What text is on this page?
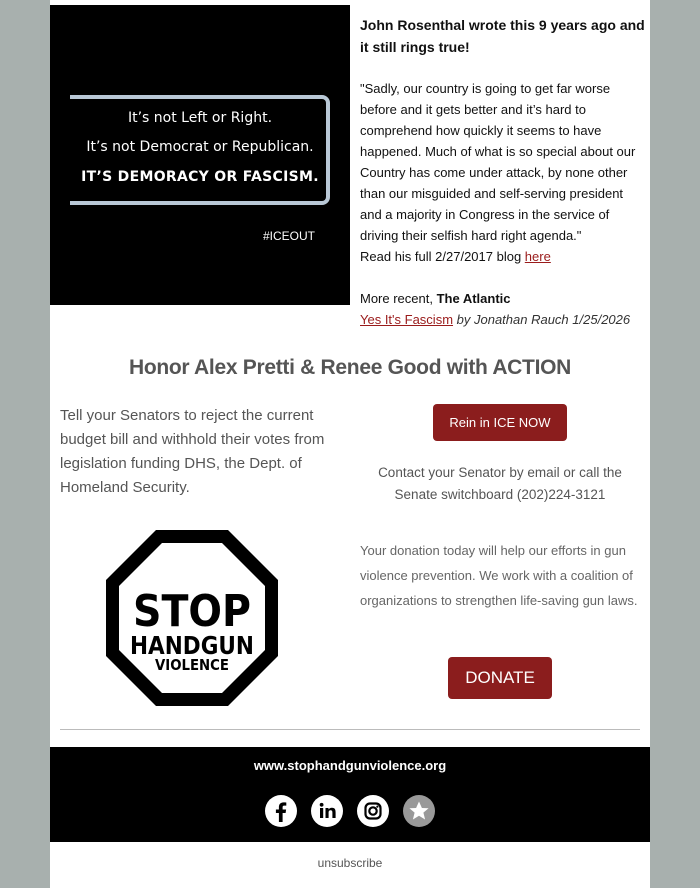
It’s not Left or Right.
It’s not Democrat or Republican.
IT’S DEMORACY OR FASCISM.
#ICEOUT

John Rosenthal wrote this 9 years ago and it still rings true!

"Sadly, our country is going to get far worse before and it gets better and it’s hard to comprehend how quickly it seems to have happened. Much of what is so special about our Country has come under attack, by none other than our misguided and self-serving president and a majority in Congress in the service of driving their selfish hard right agenda."

Read his full 2/27/2017 blog here

More recent, The Atlantic

Yes It's Fascism by Jonathan Rauch 1/25/2026

Honor Alex Pretti & Renee Good with ACTION
Tell your Senators to reject the current budget bill and withhold their votes from legislation funding DHS, the Dept. of Homeland Security.
Rein in ICE NOW
Contact your Senator by email or call the Senate switchboard (202)224-3121
STOP
HANDGUN
VIOLENCE
Your donation today will help our efforts in gun violence prevention. We work with a coalition of organizations to strengthen life-saving gun laws.
DONATE
www.stophandgunviolence.org
unsubscribe
